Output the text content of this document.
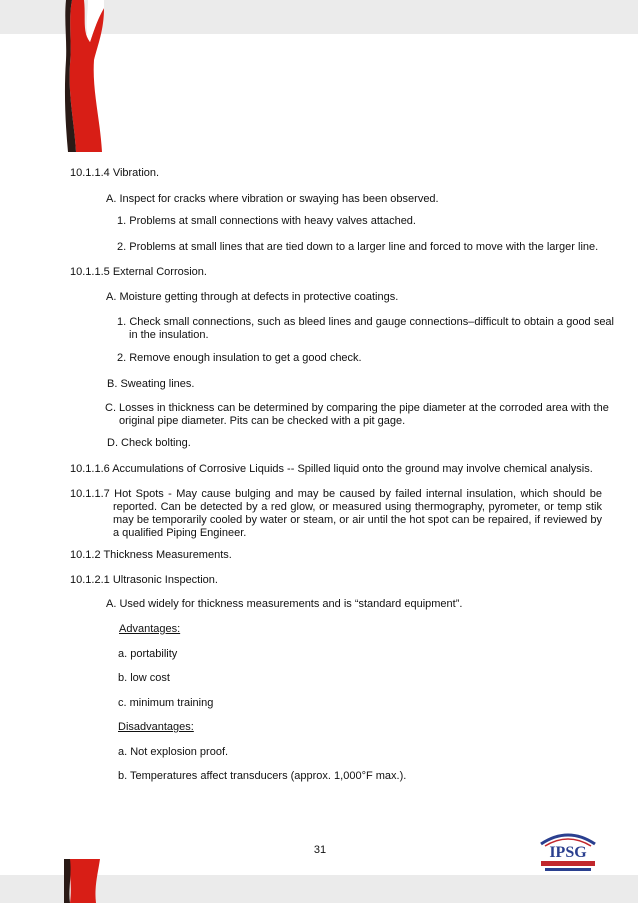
10.1.1.4 Vibration.

A. Inspect for cracks where vibration or swaying has been observed.

1. Problems at small connections with heavy valves attached.

2. Problems at small lines that are tied down to a larger line and forced to move with the larger line.

10.1.1.5 External Corrosion.

A. Moisture getting through at defects in protective coatings.

1. Check small connections, such as bleed lines and gauge connections–difficult to obtain a good seal in the insulation.

2. Remove enough insulation to get a good check.

B. Sweating lines.

C. Losses in thickness can be determined by comparing the pipe diameter at the corroded area with the original pipe diameter. Pits can be checked with a pit gage.

D. Check bolting.

10.1.1.6 Accumulations of Corrosive Liquids -- Spilled liquid onto the ground may involve chemical analysis.

10.1.1.7 Hot Spots - May cause bulging and may be caused by failed internal insulation, which should be reported. Can be detected by a red glow, or measured using thermography, pyrometer, or temp stik may be temporarily cooled by water or steam, or air until the hot spot can be repaired, if reviewed by a qualified Piping Engineer.

10.1.2 Thickness Measurements.

10.1.2.1 Ultrasonic Inspection.

A. Used widely for thickness measurements and is “standard equipment”.

Advantages:

a. portability

b. low cost

c. minimum training

Disadvantages:

a. Not explosion proof.

b. Temperatures affect transducers (approx. 1,000°F max.).

31	IPSG
